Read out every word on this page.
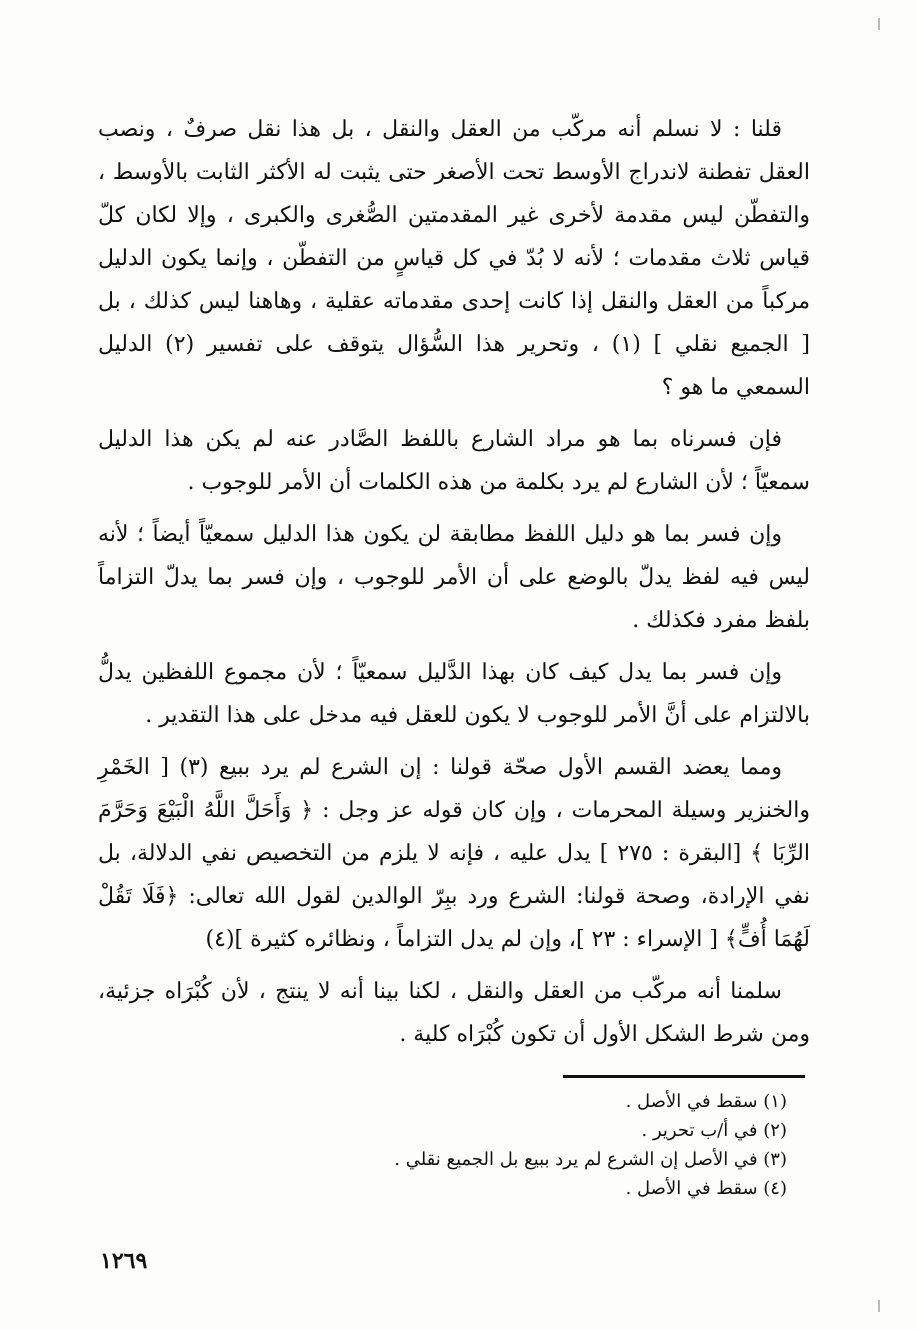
قلنا : لا نسلم أنه مركّب من العقل والنقل ، بل هذا نقل صرفٌ ، ونصب العقل تفطنة لاندراج الأوسط تحت الأصغر حتى يثبت له الأكثر الثابت بالأوسط ، والتفطّن ليس مقدمة لأخرى غير المقدمتين الصُّغرى والكبرى ، وإلا لكان كلّ قياس ثلاث مقدمات ؛ لأنه لا بُدّ في كل قياسٍ من التفطّن ، وإنما يكون الدليل مركباً من العقل والنقل إذا كانت إحدى مقدماته عقلية ، وهاهنا ليس كذلك ، بل [ الجميع نقلي ] (١) ، وتحرير هذا السُّؤال يتوقف على تفسير (٢) الدليل السمعي ما هو ؟

فإن فسرناه بما هو مراد الشارع باللفظ الصَّادر عنه لم يكن هذا الدليل سمعيّاً ؛ لأن الشارع لم يرد بكلمة من هذه الكلمات أن الأمر للوجوب .

وإن فسر بما هو دليل اللفظ مطابقة لن يكون هذا الدليل سمعيّاً أيضاً ؛ لأنه ليس فيه لفظ يدلّ بالوضع على أن الأمر للوجوب ، وإن فسر بما يدلّ التزاماً بلفظ مفرد فكذلك .

وإن فسر بما يدل كيف كان بهذا الدَّليل سمعيّاً ؛ لأن مجموع اللفظين يدلُّ بالالتزام على أنَّ الأمر للوجوب لا يكون للعقل فيه مدخل على هذا التقدير .

ومما يعضد القسم الأول صحّة قولنا : إن الشرع لم يرد ببيع (٣) [ الخَمْرِ والخنزير وسيلة المحرمات ، وإن كان قوله عز وجل : ﴿ وَأَحَلَّ اللَّهُ الْبَيْعَ وَحَرَّمَ الرِّبَا ﴾ [البقرة : ٢٧٥ ] يدل عليه ، فإنه لا يلزم من التخصيص نفي الدلالة، بل نفي الإرادة، وصحة قولنا: الشرع ورد ببِرّ الوالدين لقول الله تعالى: ﴿فَلَا تَقُلْ لَهُمَا أُفٍّ﴾ [ الإسراء : ٢٣ ]، وإن لم يدل التزاماً ، ونظائره كثيرة ](٤)

سلمنا أنه مركّب من العقل والنقل ، لكنا بينا أنه لا ينتج ، لأن كُبْرَاه جزئية، ومن شرط الشكل الأول أن تكون كُبْرَاه كلية .

(١) سقط في الأصل .

(٢) في أ/ب تحرير .

(٣) في الأصل إن الشرع لم يرد ببيع بل الجميع نقلي .

(٤) سقط في الأصل .

١٢٦٩
